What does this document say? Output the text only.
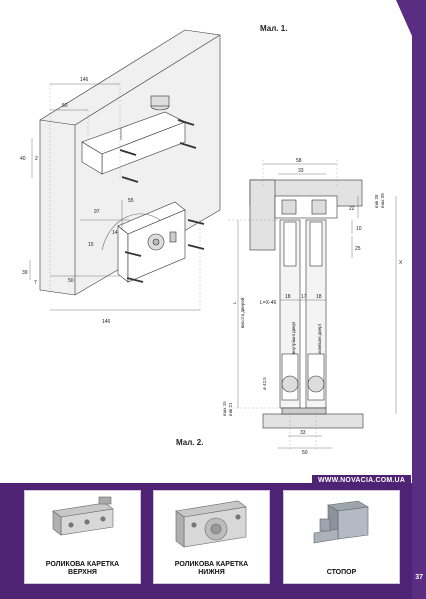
Мал. 1.
146
50
40 2
97
55
14
15
39
7	50
146
58
33
22
10
25
18 17 18
X
L=X-46
50
33
min 26 max 28
L висота дверей
внутрішні двері	зовнішні двері
ø 42,5
max 15 min 21
Мал. 2.
WWW.NOVACIA.COM.UA
РОЛИКОВА КАРЕТКА
ВЕРХНЯ
РОЛИКОВА КАРЕТКА
НИЖНЯ	СТОПОР
37
